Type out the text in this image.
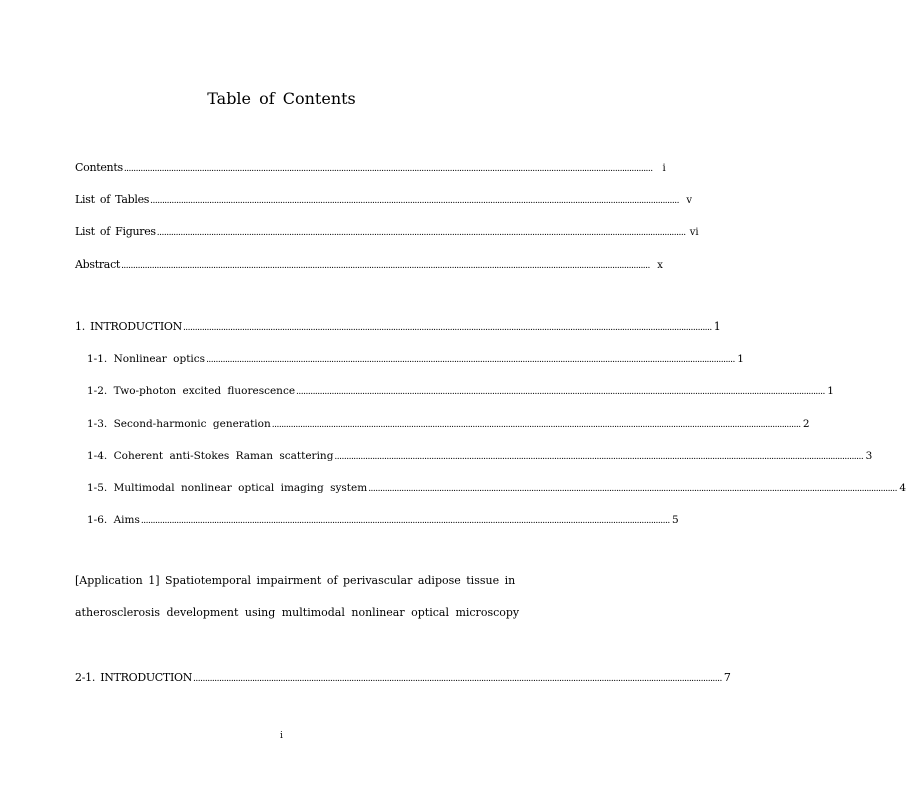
Table of Contents
Contents ................................................................................................................................................................................................................................ i
List of Tables ................................................................................................................................................................................................................................ v
List of Figures ................................................................................................................................................................................................................................ vi
Abstract ................................................................................................................................................................................................................................ x
1. INTRODUCTION ................................................................................................................................................................................................................................ 1
1-1. Nonlinear optics ................................................................................................................................................................................................................................ 1
1-2. Two-photon excited fluorescence ................................................................................................................................................................................................................................ 1
1-3. Second-harmonic generation ................................................................................................................................................................................................................................ 2
1-4. Coherent anti-Stokes Raman scattering ................................................................................................................................................................................................................................ 3
1-5. Multimodal nonlinear optical imaging system ................................................................................................................................................................................................................................ 4
1-6. Aims ................................................................................................................................................................................................................................ 5
[Application 1] Spatiotemporal impairment of perivascular adipose tissue in
atherosclerosis development using multimodal nonlinear optical microscopy
2-1. INTRODUCTION ................................................................................................................................................................................................................................ 7
i
